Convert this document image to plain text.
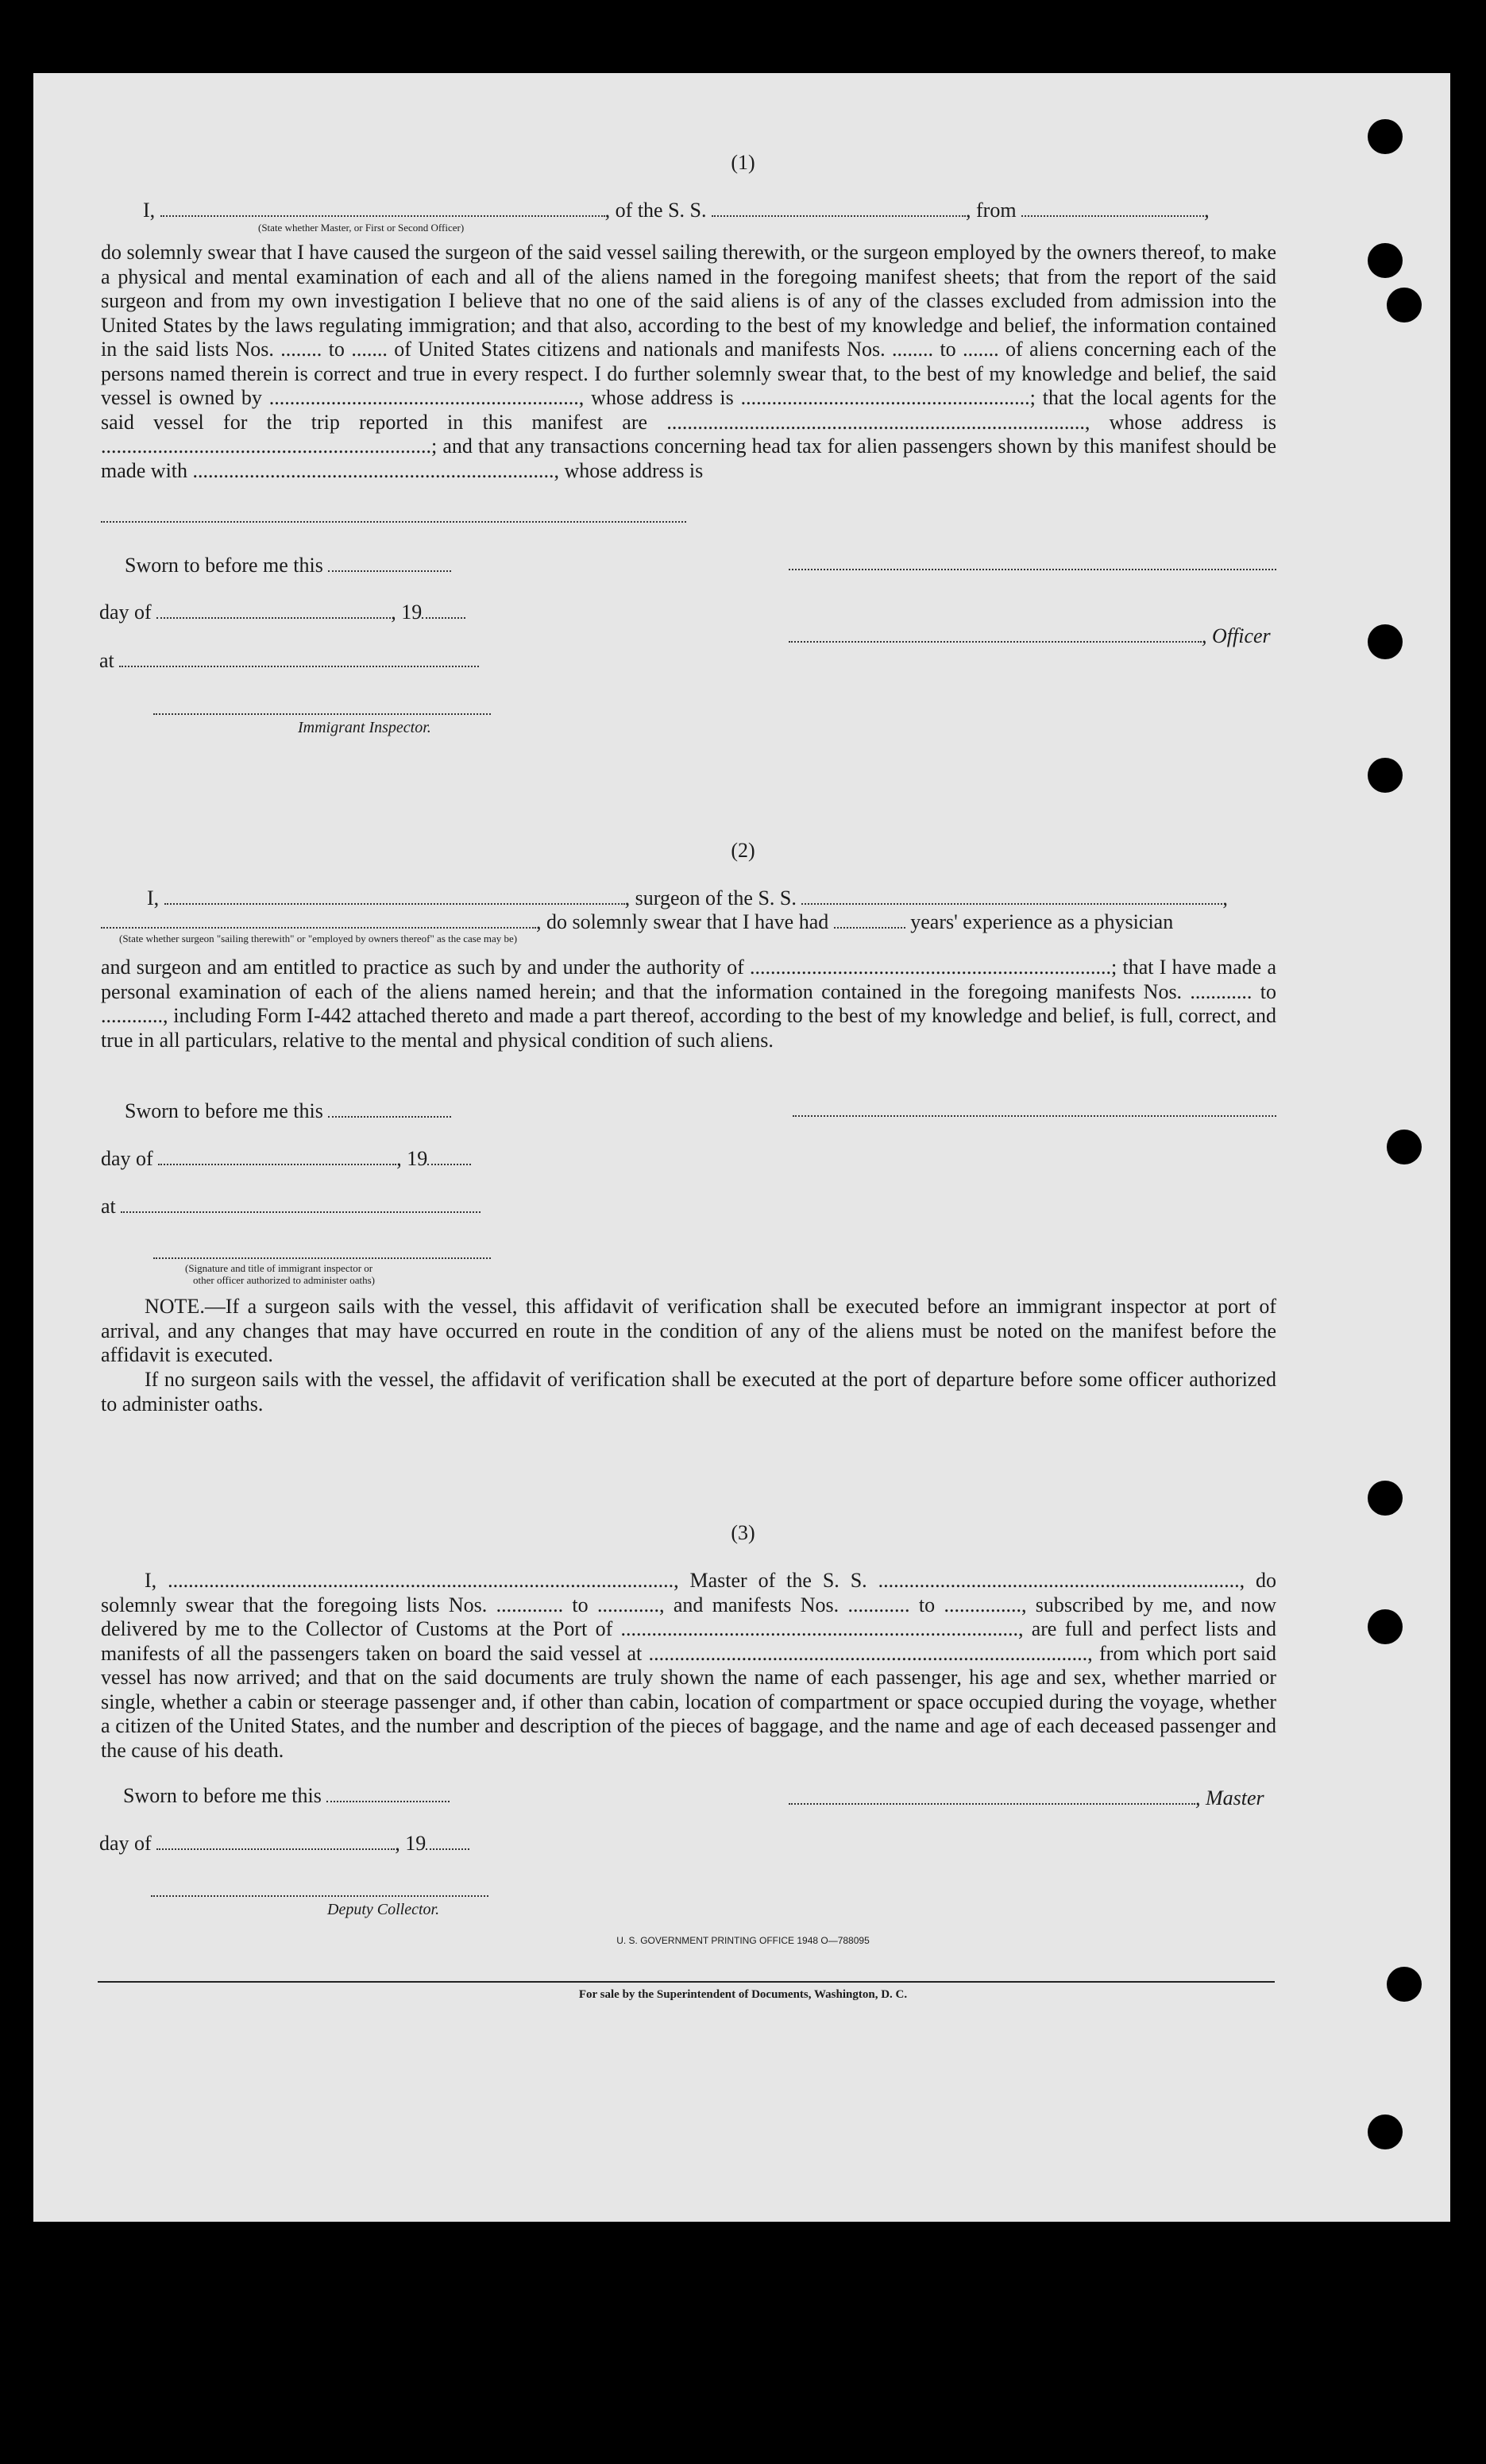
(1)
I,	, of the S. S.	, from	,
(State whether Master, or First or Second Officer)
do solemnly swear that I have caused the surgeon of the said vessel sailing therewith, or the surgeon employed by the owners thereof, to make a physical and mental examination of each and all of the aliens named in the foregoing manifest sheets; that from the report of the said surgeon and from my own investigation I believe that no one of the said aliens is of any of the classes excluded from admission into the United States by the laws regulating immigration; and that also, according to the best of my knowledge and belief, the information contained in the said lists Nos. ........ to ....... of United States citizens and nationals and manifests Nos. ........ to ....... of aliens concerning each of the persons named therein is correct and true in every respect. I do further solemnly swear that, to the best of my knowledge and belief, the said vessel is owned by ............................................................, whose address is ........................................................; that the local agents for the said vessel for the trip reported in this manifest are ................................................................................., whose address is ................................................................; and that any transactions concerning head tax for alien passengers shown by this manifest should be made with ......................................................................, whose address is
Sworn to before me this
day of	, 19
, Officer
at
Immigrant Inspector.
(2)
I,	, surgeon of the S. S.	,
, do solemnly swear that I have had	years' experience as a physician
(State whether surgeon "sailing therewith" or "employed by owners thereof" as the case may be)
and surgeon and am entitled to practice as such by and under the authority of ......................................................................; that I have made a personal examination of each of the aliens named herein; and that the information contained in the foregoing manifests Nos. ............ to ............, including Form I-442 attached thereto and made a part thereof, according to the best of my knowledge and belief, is full, correct, and true in all particulars, relative to the mental and physical condition of such aliens.
Sworn to before me this
day of	, 19
at
(Signature and title of immigrant inspector or
other officer authorized to administer oaths)
NOTE.—If a surgeon sails with the vessel, this affidavit of verification shall be executed before an immigrant inspector at port of arrival, and any changes that may have occurred en route in the condition of any of the aliens must be noted on the manifest before the affidavit is executed.
If no surgeon sails with the vessel, the affidavit of verification shall be executed at the port of departure before some officer authorized to administer oaths.
(3)
I, .................................................................................................., Master of the S. S. ......................................................................, do solemnly swear that the foregoing lists Nos. ............. to ............, and manifests Nos. ............ to ..............., subscribed by me, and now delivered by me to the Collector of Customs at the Port of ............................................................................., are full and perfect lists and manifests of all the passengers taken on board the said vessel at ....................................................................................., from which port said vessel has now arrived; and that on the said documents are truly shown the name of each passenger, his age and sex, whether married or single, whether a cabin or steerage passenger and, if other than cabin, location of compartment or space occupied during the voyage, whether a citizen of the United States, and the number and description of the pieces of baggage, and the name and age of each deceased passenger and the cause of his death.
Sworn to before me this	, Master
day of	, 19
Deputy Collector.
U. S. GOVERNMENT PRINTING OFFICE 1948 O—788095
For sale by the Superintendent of Documents, Washington, D. C.
